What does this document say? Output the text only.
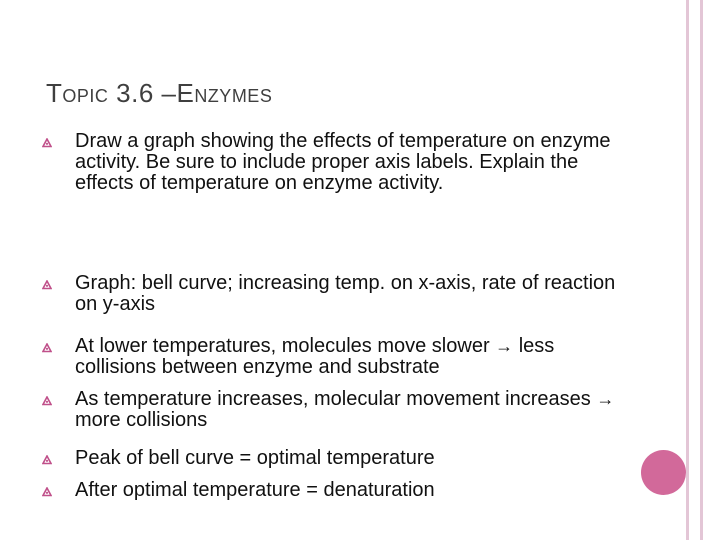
TOPIC 3.6 –ENZYMES
Draw a graph showing the effects of temperature on enzyme activity. Be sure to include proper axis labels. Explain the effects of temperature on enzyme activity.
Graph: bell curve; increasing temp. on x-axis, rate of reaction on y-axis
At lower temperatures, molecules move slower → less collisions between enzyme and substrate
As temperature increases, molecular movement increases → more collisions
Peak of bell curve = optimal temperature
After optimal temperature = denaturation
